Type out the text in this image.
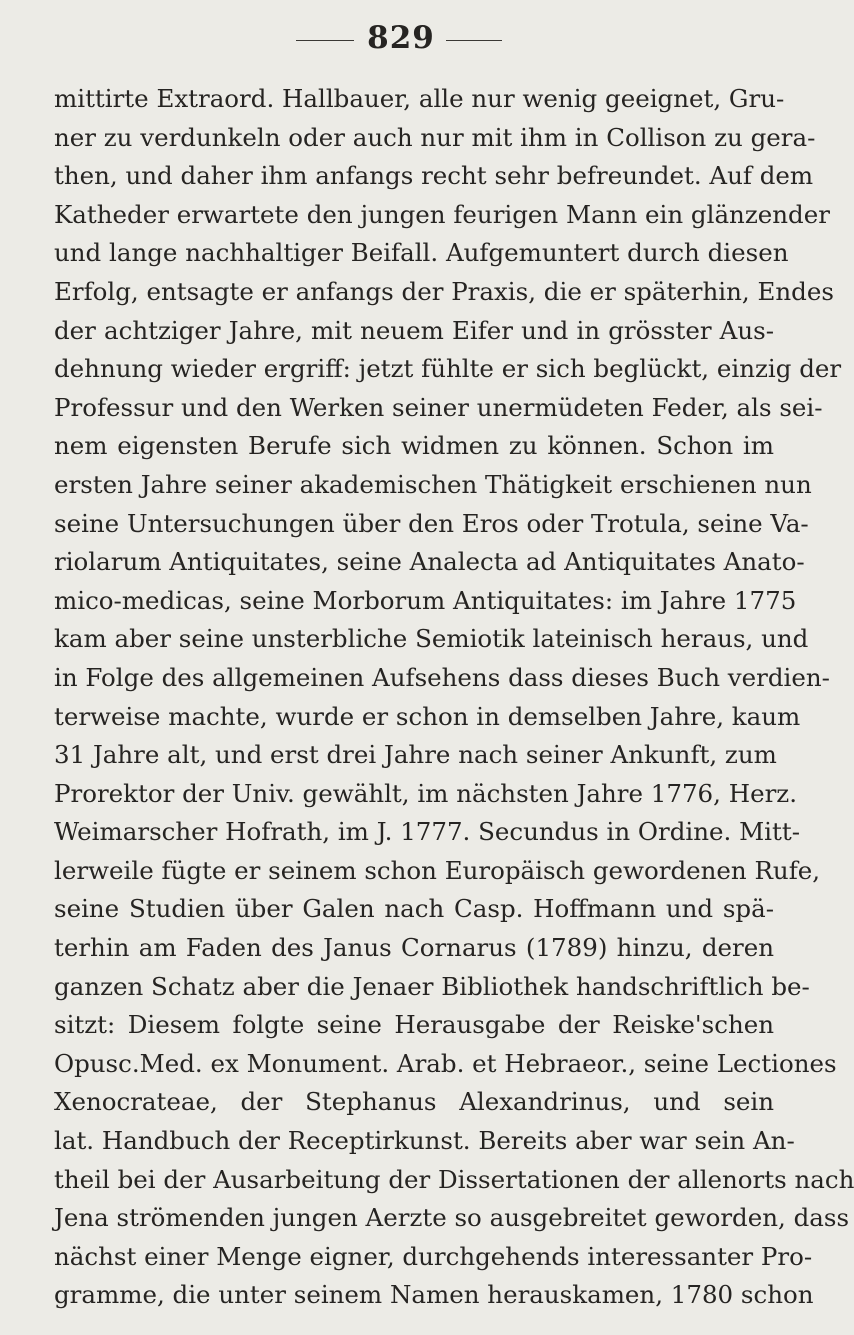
829
mittirte Extraord. Hallbauer, alle nur wenig geeignet, Gru-
ner zu verdunkeln oder auch nur mit ihm in Collison zu gera-
then, und daher ihm anfangs recht sehr befreundet. Auf dem
Katheder erwartete den jungen feurigen Mann ein glänzender
und lange nachhaltiger Beifall. Aufgemuntert durch diesen
Erfolg, entsagte er anfangs der Praxis, die er späterhin, Endes
der achtziger Jahre, mit neuem Eifer und in grösster Aus-
dehnung wieder ergriff: jetzt fühlte er sich beglückt, einzig der
Professur und den Werken seiner unermüdeten Feder, als sei-
nem eigensten Berufe sich widmen zu können. Schon im
ersten Jahre seiner akademischen Thätigkeit erschienen nun
seine Untersuchungen über den Eros oder Trotula, seine Va-
riolarum Antiquitates, seine Analecta ad Antiquitates Anato-
mico-medicas, seine Morborum Antiquitates: im Jahre 1775
kam aber seine unsterbliche Semiotik lateinisch heraus, und
in Folge des allgemeinen Aufsehens dass dieses Buch verdien-
terweise machte, wurde er schon in demselben Jahre, kaum
31 Jahre alt, und erst drei Jahre nach seiner Ankunft, zum
Prorektor der Univ. gewählt, im nächsten Jahre 1776, Herz.
Weimarscher Hofrath, im J. 1777. Secundus in Ordine. Mitt-
lerweile fügte er seinem schon Europäisch gewordenen Rufe,
seine Studien über Galen nach Casp. Hoffmann und spä-
terhin am Faden des Janus Cornarus (1789) hinzu, deren
ganzen Schatz aber die Jenaer Bibliothek handschriftlich be-
sitzt: Diesem folgte seine Herausgabe der Reiske'schen
Opusc.Med. ex Monument. Arab. et Hebraeor., seine Lectiones
Xenocrateae, der Stephanus Alexandrinus, und sein
lat. Handbuch der Receptirkunst. Bereits aber war sein An-
theil bei der Ausarbeitung der Dissertationen der allenorts nach
Jena strömenden jungen Aerzte so ausgebreitet geworden, dass
nächst einer Menge eigner, durchgehends interessanter Pro-
gramme, die unter seinem Namen herauskamen, 1780 schon
